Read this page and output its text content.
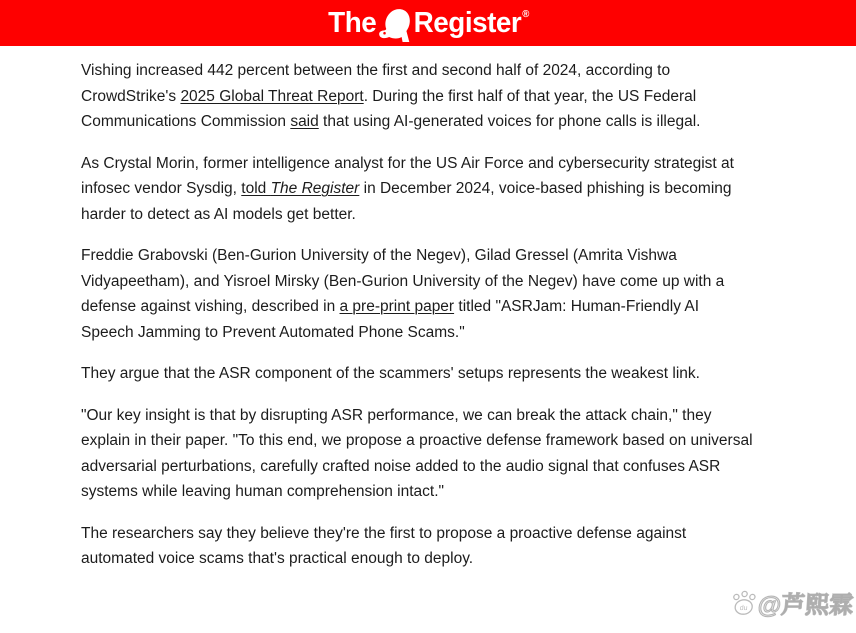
The Register®

Vishing increased 442 percent between the first and second half of 2024, according to CrowdStrike's 2025 Global Threat Report. During the first half of that year, the US Federal Communications Commission said that using AI-generated voices for phone calls is illegal.

As Crystal Morin, former intelligence analyst for the US Air Force and cybersecurity strategist at infosec vendor Sysdig, told The Register in December 2024, voice-based phishing is becoming harder to detect as AI models get better.

Freddie Grabovski (Ben-Gurion University of the Negev), Gilad Gressel (Amrita Vishwa Vidyapeetham), and Yisroel Mirsky (Ben-Gurion University of the Negev) have come up with a defense against vishing, described in a pre-print paper titled "ASRJam: Human-Friendly AI Speech Jamming to Prevent Automated Phone Scams."

They argue that the ASR component of the scammers' setups represents the weakest link.

"Our key insight is that by disrupting ASR performance, we can break the attack chain," they explain in their paper. "To this end, we propose a proactive defense framework based on universal adversarial perturbations, carefully crafted noise added to the audio signal that confuses ASR systems while leaving human comprehension intact."

The researchers say they believe they're the first to propose a proactive defense against automated voice scams that's practical enough to deploy.

du @芦熙霖
